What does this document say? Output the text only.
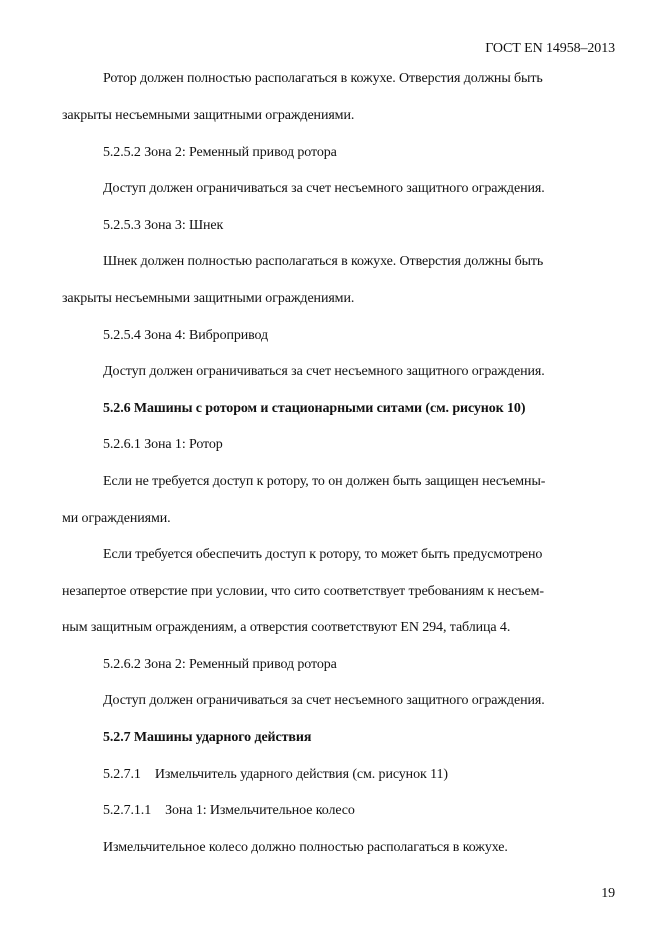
ГОСТ EN 14958–2013
Ротор должен полностью располагаться в кожухе. Отверстия должны быть
закрыты несъемными защитными ограждениями.
5.2.5.2 Зона 2: Ременный привод ротора
Доступ должен ограничиваться за счет несъемного защитного ограждения.
5.2.5.3 Зона 3: Шнек
Шнек должен полностью располагаться в кожухе. Отверстия должны быть
закрыты несъемными защитными ограждениями.
5.2.5.4 Зона 4: Вибропривод
Доступ должен ограничиваться за счет несъемного защитного ограждения.
5.2.6 Машины с ротором и стационарными ситами (см. рисунок 10)
5.2.6.1 Зона 1: Ротор
Если не требуется доступ к ротору, то он должен быть защищен несъемны-
ми ограждениями.
Если требуется обеспечить доступ к ротору, то может быть предусмотрено
незапертое отверстие при условии, что сито соответствует требованиям к несъем-
ным защитным ограждениям, а отверстия соответствуют EN 294, таблица 4.
5.2.6.2 Зона 2: Ременный привод ротора
Доступ должен ограничиваться за счет несъемного защитного ограждения.
5.2.7 Машины ударного действия
5.2.7.1 Измельчитель ударного действия (см. рисунок 11)
5.2.7.1.1 Зона 1: Измельчительное колесо
Измельчительное колесо должно полностью располагаться в кожухе.
19
